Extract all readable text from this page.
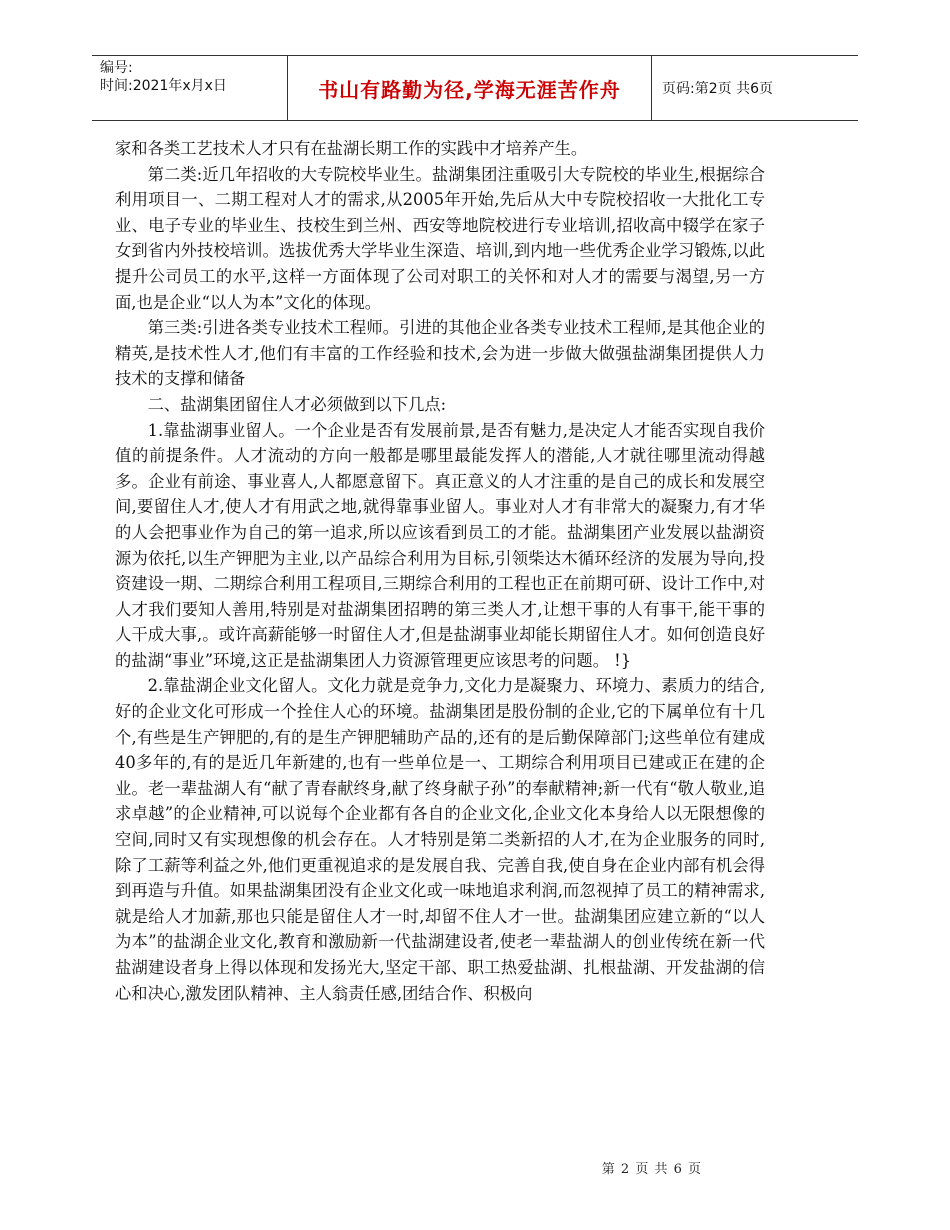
编号:
时间:2021年x月x日	书山有路勤为径,学海无涯苦作舟	页码:第2页 共6页

家和各类工艺技术人才只有在盐湖长期工作的实践中才培养产生。

第二类:近几年招收的大专院校毕业生。盐湖集团注重吸引大专院校的毕业生,根据综合利用项目一、二期工程对人才的需求,从2005年开始,先后从大中专院校招收一大批化工专业、电子专业的毕业生、技校生到兰州、西安等地院校进行专业培训,招收高中辍学在家子女到省内外技校培训。选拔优秀大学毕业生深造、培训,到内地一些优秀企业学习锻炼,以此提升公司员工的水平,这样一方面体现了公司对职工的关怀和对人才的需要与渴望,另一方面,也是企业“以人为本”文化的体现。

第三类:引进各类专业技术工程师。引进的其他企业各类专业技术工程师,是其他企业的精英,是技术性人才,他们有丰富的工作经验和技术,会为进一步做大做强盐湖集团提供人力技术的支撑和储备

二、盐湖集团留住人才必须做到以下几点:

1.靠盐湖事业留人。一个企业是否有发展前景,是否有魅力,是决定人才能否实现自我价值的前提条件。人才流动的方向一般都是哪里最能发挥人的潜能,人才就往哪里流动得越多。企业有前途、事业喜人,人都愿意留下。真正意义的人才注重的是自己的成长和发展空间,要留住人才,使人才有用武之地,就得靠事业留人。事业对人才有非常大的凝聚力,有才华的人会把事业作为自己的第一追求,所以应该看到员工的才能。盐湖集团产业发展以盐湖资源为依托,以生产钾肥为主业,以产品综合利用为目标,引领柴达木循环经济的发展为导向,投资建设一期、二期综合利用工程项目,三期综合利用的工程也正在前期可研、设计工作中,对人才我们要知人善用,特别是对盐湖集团招聘的第三类人才,让想干事的人有事干,能干事的人干成大事,。或许高薪能够一时留住人才,但是盐湖事业却能长期留住人才。如何创造良好的盐湖“事业”环境,这正是盐湖集团人力资源管理更应该思考的问题。 !}

2.靠盐湖企业文化留人。文化力就是竞争力,文化力是凝聚力、环境力、素质力的结合,好的企业文化可形成一个拴住人心的环境。盐湖集团是股份制的企业,它的下属单位有十几个,有些是生产钾肥的,有的是生产钾肥辅助产品的,还有的是后勤保障部门;这些单位有建成40多年的,有的是近几年新建的,也有一些单位是一、工期综合利用项目已建或正在建的企业。老一辈盐湖人有“献了青春献终身,献了终身献子孙”的奉献精神;新一代有“敬人敬业,追求卓越”的企业精神,可以说每个企业都有各自的企业文化,企业文化本身给人以无限想像的空间,同时又有实现想像的机会存在。人才特别是第二类新招的人才,在为企业服务的同时,除了工薪等利益之外,他们更重视追求的是发展自我、完善自我,使自身在企业内部有机会得到再造与升值。如果盐湖集团没有企业文化或一味地追求利润,而忽视掉了员工的精神需求,就是给人才加薪,那也只能是留住人才一时,却留不住人才一世。盐湖集团应建立新的“以人为本”的盐湖企业文化,教育和激励新一代盐湖建设者,使老一辈盐湖人的创业传统在新一代盐湖建设者身上得以体现和发扬光大,坚定干部、职工热爱盐湖、扎根盐湖、开发盐湖的信心和决心,激发团队精神、主人翁责任感,团结合作、积极向

第 2 页 共 6 页
